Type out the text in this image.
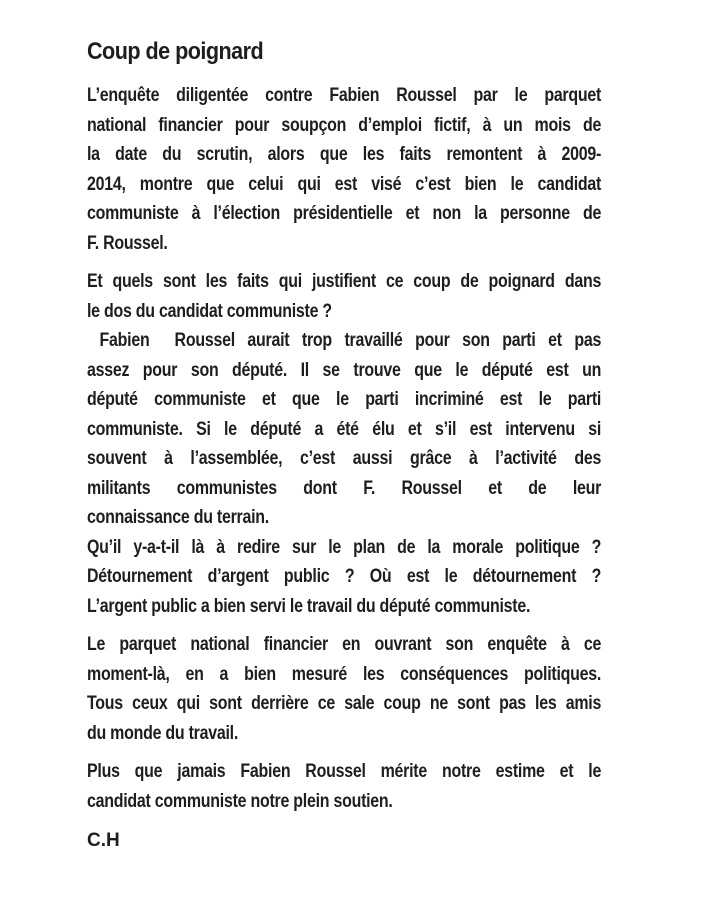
Coup de poignard
L’enquête diligentée contre Fabien Roussel par le parquet
national financier pour soupçon d’emploi fictif, à un mois de
la date du scrutin, alors que les faits remontent à 2009-
2014, montre que celui qui est visé c’est bien le candidat
communiste à l’élection présidentielle et non la personne de
F. Roussel.
Et quels sont les faits qui justifient ce coup de poignard dans
le dos du candidat communiste ?
Fabien  Roussel aurait trop travaillé pour son parti et pas
assez pour son député. Il se trouve que le député est un
député communiste et que le parti incriminé est le parti
communiste. Si le député a été élu et s’il est intervenu si
souvent à l’assemblée, c’est aussi grâce à l’activité des
militants communistes dont F. Roussel et de leur
connaissance du terrain.
Qu’il y-a-t-il là à redire sur le plan de la morale politique ?
Détournement d’argent public ? Où est le détournement ?
L’argent public a bien servi le travail du député communiste.
Le parquet national financier en ouvrant son enquête à ce
moment-là, en a bien mesuré les conséquences politiques.
Tous ceux qui sont derrière ce sale coup ne sont pas les amis
du monde du travail.
Plus que jamais Fabien Roussel mérite notre estime et le
candidat communiste notre plein soutien.
C.H
